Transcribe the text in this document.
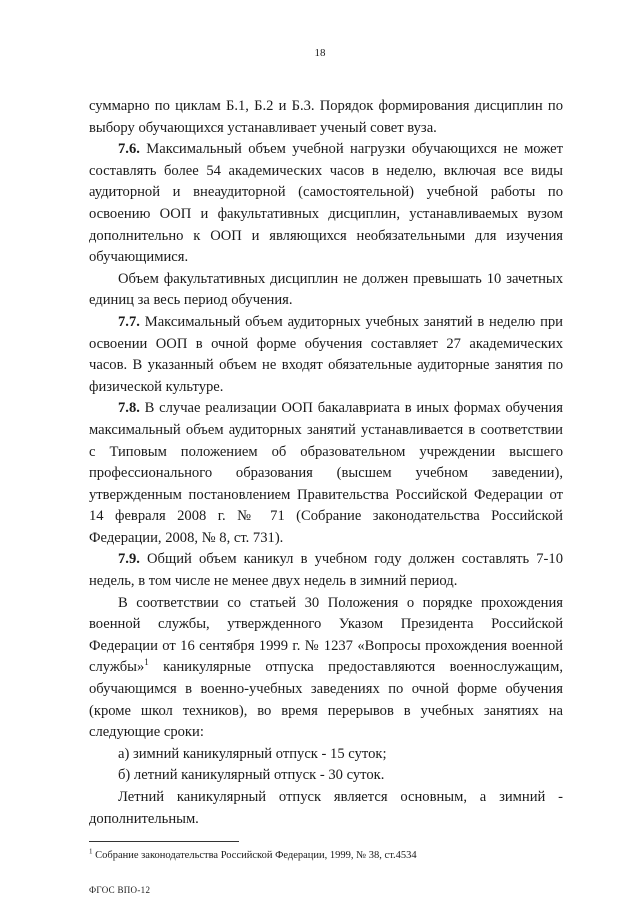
18

суммарно по циклам Б.1, Б.2 и Б.3. Порядок формирования дисциплин по выбору обучающихся устанавливает ученый совет вуза.

7.6. Максимальный объем учебной нагрузки обучающихся не может составлять более 54 академических часов в неделю, включая все виды аудиторной и внеаудиторной (самостоятельной) учебной работы по освоению ООП и факультативных дисциплин, устанавливаемых вузом дополнительно к ООП и являющихся необязательными для изучения обучающимися.

Объем факультативных дисциплин не должен превышать 10 зачетных единиц за весь период обучения.

7.7. Максимальный объем аудиторных учебных занятий в неделю при освоении ООП в очной форме обучения составляет 27 академических часов. В указанный объем не входят обязательные аудиторные занятия по физической культуре.

7.8. В случае реализации ООП бакалавриата в иных формах обучения максимальный объем аудиторных занятий устанавливается в соответствии с Типовым положением об образовательном учреждении высшего профессионального образования (высшем учебном заведении), утвержденным постановлением Правительства Российской Федерации от 14 февраля 2008 г. № 71 (Собрание законодательства Российской Федерации, 2008, № 8, ст. 731).

7.9. Общий объем каникул в учебном году должен составлять 7-10 недель, в том числе не менее двух недель в зимний период.

В соответствии со статьей 30 Положения о порядке прохождения военной службы, утвержденного Указом Президента Российской Федерации от 16 сентября 1999 г. № 1237 «Вопросы прохождения военной службы»$^1$ каникулярные отпуска предоставляются военнослужащим, обучающимся в военно-учебных заведениях по очной форме обучения (кроме школ техников), во время перерывов в учебных занятиях на следующие сроки:

а) зимний каникулярный отпуск - 15 суток;

б) летний каникулярный отпуск - 30 суток.

Летний каникулярный отпуск является основным, а зимний - дополнительным.

$^1$ Собрание законодательства Российской Федерации, 1999, № 38, ст.4534
ФГОС ВПО-12
